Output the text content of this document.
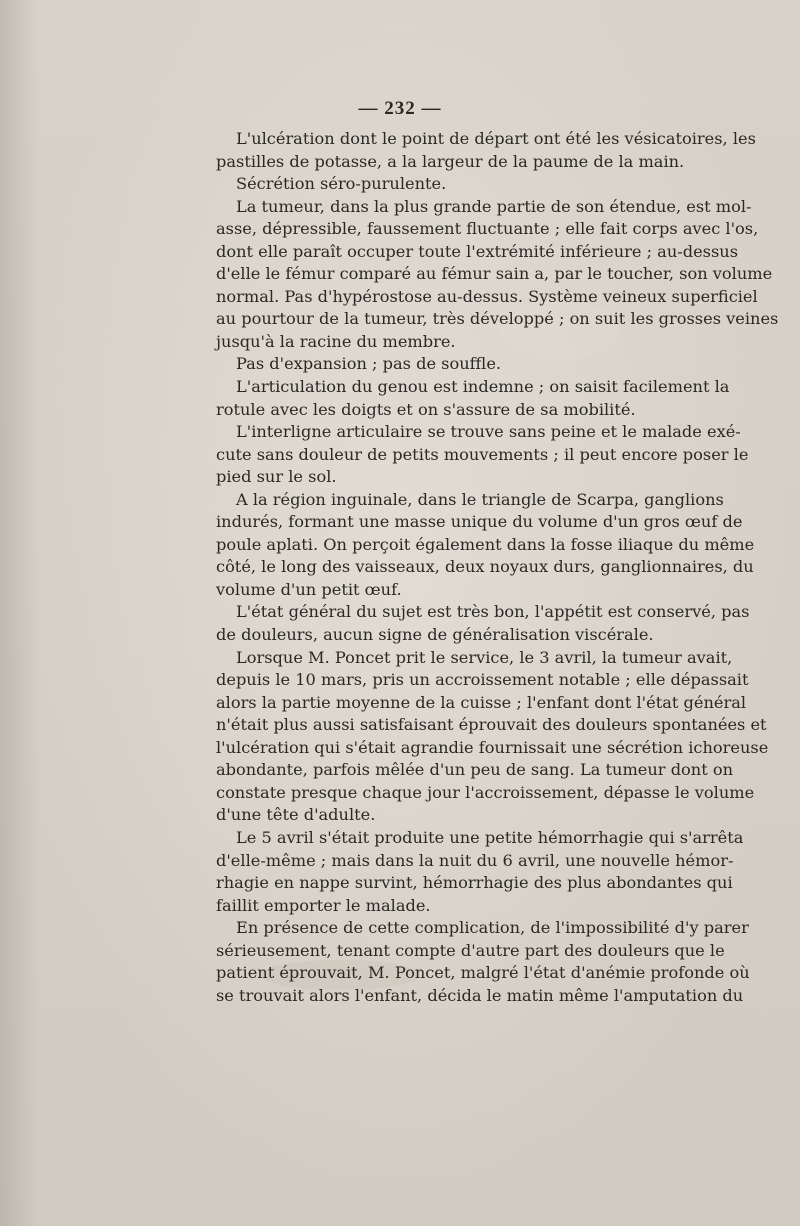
— 232 —
L'ulcération dont le point de départ ont été les vésicatoires, les
pastilles de potasse, a la largeur de la paume de la main.
Sécrétion séro-purulente.
La tumeur, dans la plus grande partie de son étendue, est mol-
asse, dépressible, faussement fluctuante ; elle fait corps avec l'os,
dont elle paraît occuper toute l'extrémité inférieure ; au-dessus
d'elle le fémur comparé au fémur sain a, par le toucher, son volume
normal. Pas d'hypérostose au-dessus. Système veineux superficiel
au pourtour de la tumeur, très développé ; on suit les grosses veines
jusqu'à la racine du membre.
Pas d'expansion ; pas de souffle.
L'articulation du genou est indemne ; on saisit facilement la
rotule avec les doigts et on s'assure de sa mobilité.
L'interligne articulaire se trouve sans peine et le malade exé-
cute sans douleur de petits mouvements ; il peut encore poser le
pied sur le sol.
A la région inguinale, dans le triangle de Scarpa, ganglions
indurés, formant une masse unique du volume d'un gros œuf de
poule aplati. On perçoit également dans la fosse iliaque du même
côté, le long des vaisseaux, deux noyaux durs, ganglionnaires, du
volume d'un petit œuf.
L'état général du sujet est très bon, l'appétit est conservé, pas
de douleurs, aucun signe de généralisation viscérale.
Lorsque M. Poncet prit le service, le 3 avril, la tumeur avait,
depuis le 10 mars, pris un accroissement notable ; elle dépassait
alors la partie moyenne de la cuisse ; l'enfant dont l'état général
n'était plus aussi satisfaisant éprouvait des douleurs spontanées et
l'ulcération qui s'était agrandie fournissait une sécrétion ichoreuse
abondante, parfois mêlée d'un peu de sang. La tumeur dont on
constate presque chaque jour l'accroissement, dépasse le volume
d'une tête d'adulte.
Le 5 avril s'était produite une petite hémorrhagie qui s'arrêta
d'elle-même ; mais dans la nuit du 6 avril, une nouvelle hémor-
rhagie en nappe survint, hémorrhagie des plus abondantes qui
faillit emporter le malade.
En présence de cette complication, de l'impossibilité d'y parer
sérieusement, tenant compte d'autre part des douleurs que le
patient éprouvait, M. Poncet, malgré l'état d'anémie profonde où
se trouvait alors l'enfant, décida le matin même l'amputation du
